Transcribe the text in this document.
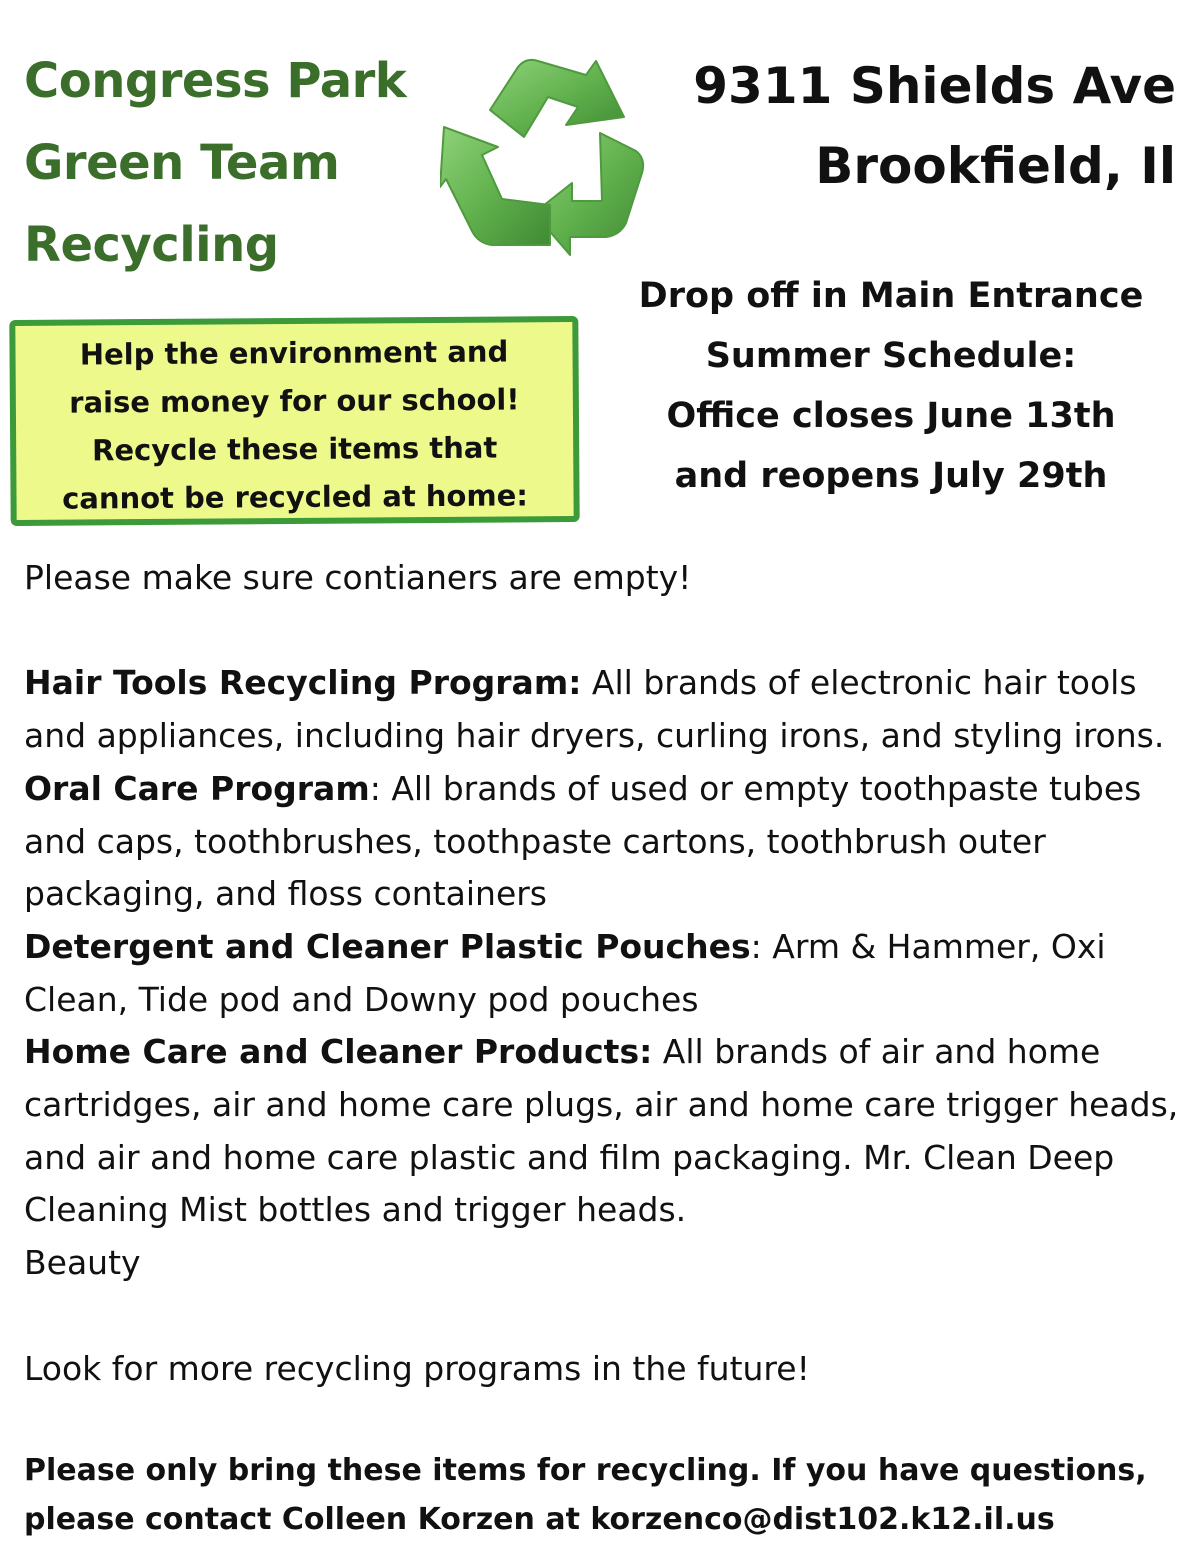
Congress Park
Green Team
Recycling
9311 Shields Ave
Brookfield, Il
Drop off in Main Entrance
Summer Schedule:
Office closes June 13th
and reopens July 29th
Help the environment and
raise money for our school!
Recycle these items that
cannot be recycled at home:

Please make sure contianers are empty!

Hair Tools Recycling Program: All brands of electronic hair tools and appliances, including hair dryers, curling irons, and styling irons.

Oral Care Program: All brands of used or empty toothpaste tubes and caps, toothbrushes, toothpaste cartons, toothbrush outer packaging, and floss containers

Detergent and Cleaner Plastic Pouches: Arm & Hammer, Oxi Clean, Tide pod and Downy pod pouches

Home Care and Cleaner Products: All brands of air and home cartridges, air and home care plugs, air and home care trigger heads, and air and home care plastic and film packaging. Mr. Clean Deep Cleaning Mist bottles and trigger heads.

Beauty

Look for more recycling programs in the future!

Please only bring these items for recycling. If you have questions,
please contact Colleen Korzen at korzenco@dist102.k12.il.us
